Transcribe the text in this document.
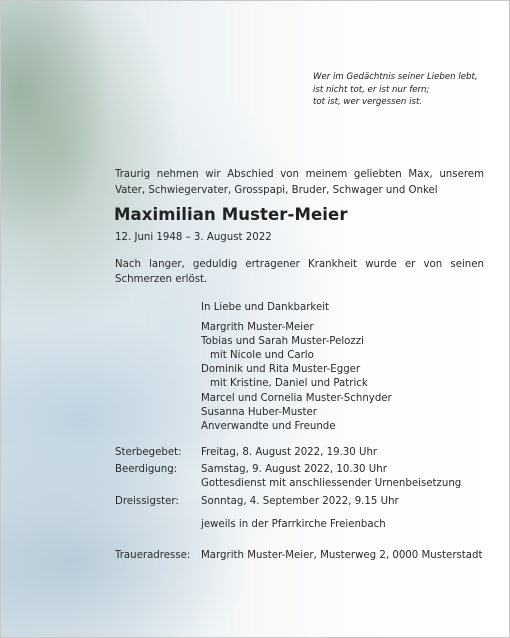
Wer im Gedächtnis seiner Lieben lebt,
ist nicht tot, er ist nur fern;
tot ist, wer vergessen ist.
Traurig nehmen wir Abschied von meinem geliebten Max, unserem Vater, Schwiegervater, Grosspapi, Bruder, Schwager und Onkel
Maximilian Muster-Meier
12. Juni 1948 – 3. August 2022
Nach langer, geduldig ertragener Krankheit wurde er von seinen Schmerzen erlöst.
In Liebe und Dankbarkeit
Margrith Muster-Meier
Tobias und Sarah Muster-Pelozzi
mit Nicole und Carlo
Dominik und Rita Muster-Egger
mit Kristine, Daniel und Patrick
Marcel und Cornelia Muster-Schnyder
Susanna Huber-Muster
Anverwandte und Freunde
Sterbegebet: Freitag, 8. August 2022, 19.30 Uhr
Beerdigung: Samstag, 9. August 2022, 10.30 Uhr
Gottesdienst mit anschliessender Urnenbeisetzung
Dreissigster: Sonntag, 4. September 2022, 9.15 Uhr
jeweils in der Pfarrkirche Freienbach
Traueradresse: Margrith Muster-Meier, Musterweg 2, 0000 Musterstadt
